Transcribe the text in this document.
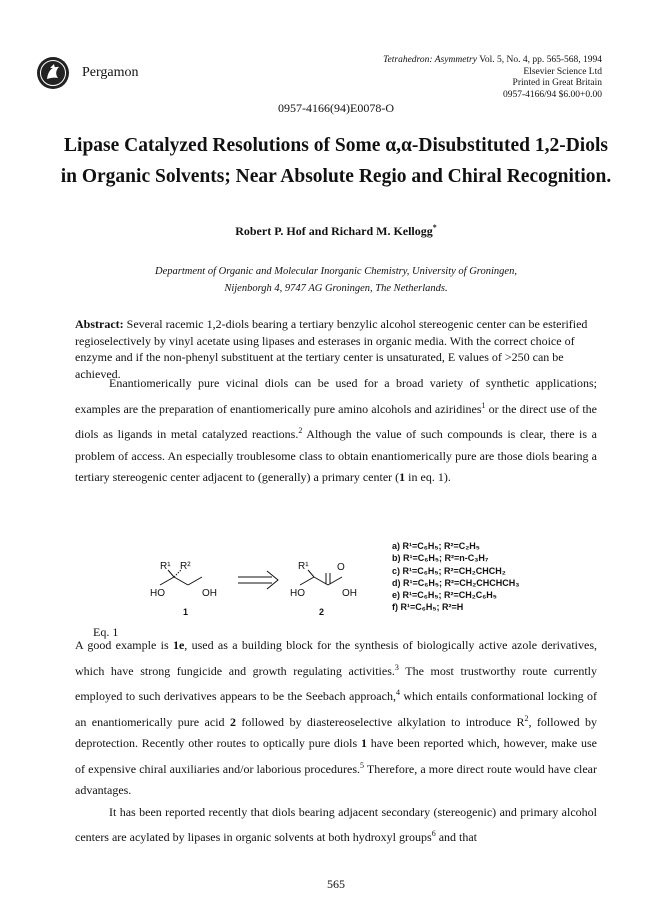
Pergamon
Tetrahedron: Asymmetry Vol. 5, No. 4, pp. 565-568, 1994
Elsevier Science Ltd
Printed in Great Britain
0957-4166/94 $6.00+0.00
0957-4166(94)E0078-O
Lipase Catalyzed Resolutions of Some α,α-Disubstituted 1,2-Diols
in Organic Solvents; Near Absolute Regio and Chiral Recognition.
Robert P. Hof and Richard M. Kellogg*
Department of Organic and Molecular Inorganic Chemistry, University of Groningen,
Nijenborgh 4, 9747 AG Groningen, The Netherlands.
Abstract: Several racemic 1,2-diols bearing a tertiary benzylic alcohol stereogenic center can be esterified regioselectively by vinyl acetate using lipases and esterases in organic media. With the correct choice of enzyme and if the non-phenyl substituent at the tertiary center is unsaturated, E values of >250 can be achieved.

Enantiomerically pure vicinal diols can be used for a broad variety of synthetic applications; examples are the preparation of enantiomerically pure amino alcohols and aziridines$^1$ or the direct use of the diols as ligands in metal catalyzed reactions.$^2$ Although the value of such compounds is clear, there is a problem of access. An especially troublesome class to obtain enantiomerically pure are those diols bearing a tertiary stereogenic center adjacent to (generally) a primary center (1 in eq. 1).

R¹ R²
HO	OH
1
R¹	O
HO	OH
2
a) R¹=C₆H₅; R²=C₂H₅
b) R¹=C₆H₅; R²=n-C₃H₇
c) R¹=C₆H₅; R²=CH₂CHCH₂
d) R¹=C₆H₅; R²=CH₂CHCHCH₃
e) R¹=C₆H₅; R²=CH₂C₆H₅
f) R¹=C₆H₅; R²=H
Eq. 1

A good example is 1e, used as a building block for the synthesis of biologically active azole derivatives, which have strong fungicide and growth regulating activities.$^3$ The most trustworthy route currently employed to such derivatives appears to be the Seebach approach,$^4$ which entails conformational locking of an enantiomerically pure acid 2 followed by diastereoselective alkylation to introduce $R^2$, followed by deprotection. Recently other routes to optically pure diols 1 have been reported which, however, make use of expensive chiral auxiliaries and/or laborious procedures.$^5$ Therefore, a more direct route would have clear advantages.

It has been reported recently that diols bearing adjacent secondary (stereogenic) and primary alcohol centers are acylated by lipases in organic solvents at both hydroxyl groups$^6$ and that

565
